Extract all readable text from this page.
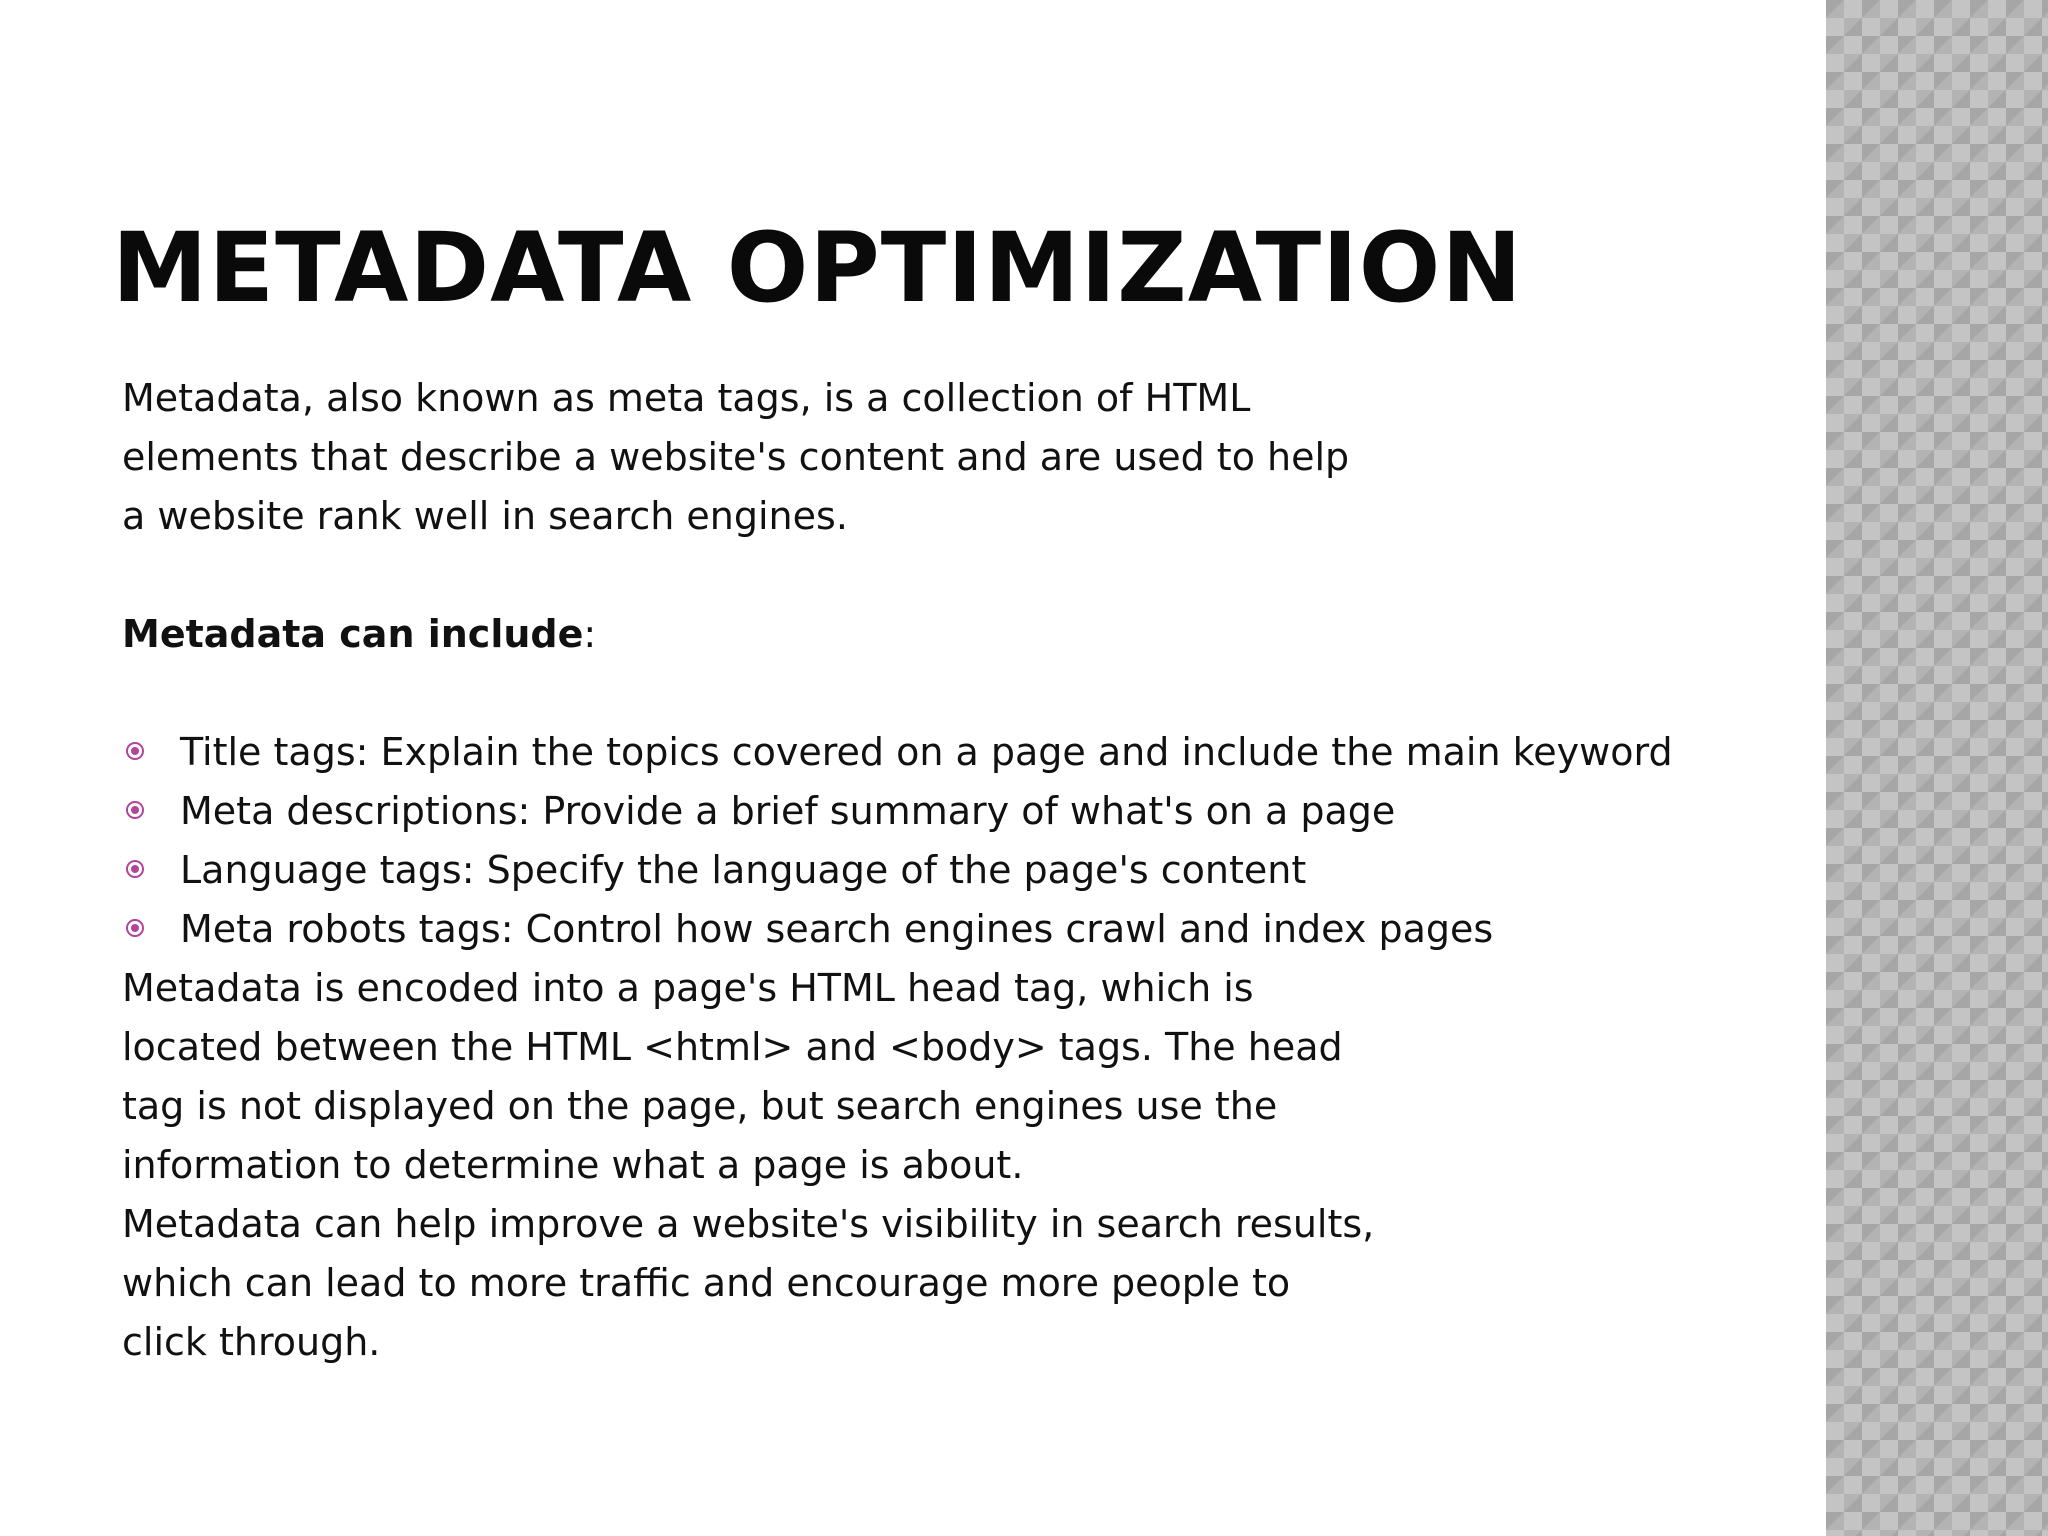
METADATA OPTIMIZATION

Metadata, also known as meta tags, is a collection of HTML elements that describe a website's content and are used to help a website rank well in search engines.

Metadata can include:

Title tags: Explain the topics covered on a page and include the main keyword
Meta descriptions: Provide a brief summary of what's on a page
Language tags: Specify the language of the page's content
Meta robots tags: Control how search engines crawl and index pages

Metadata is encoded into a page's HTML head tag, which is located between the HTML <html> and <body> tags. The head tag is not displayed on the page, but search engines use the information to determine what a page is about.

Metadata can help improve a website's visibility in search results, which can lead to more traffic and encourage more people to click through.
